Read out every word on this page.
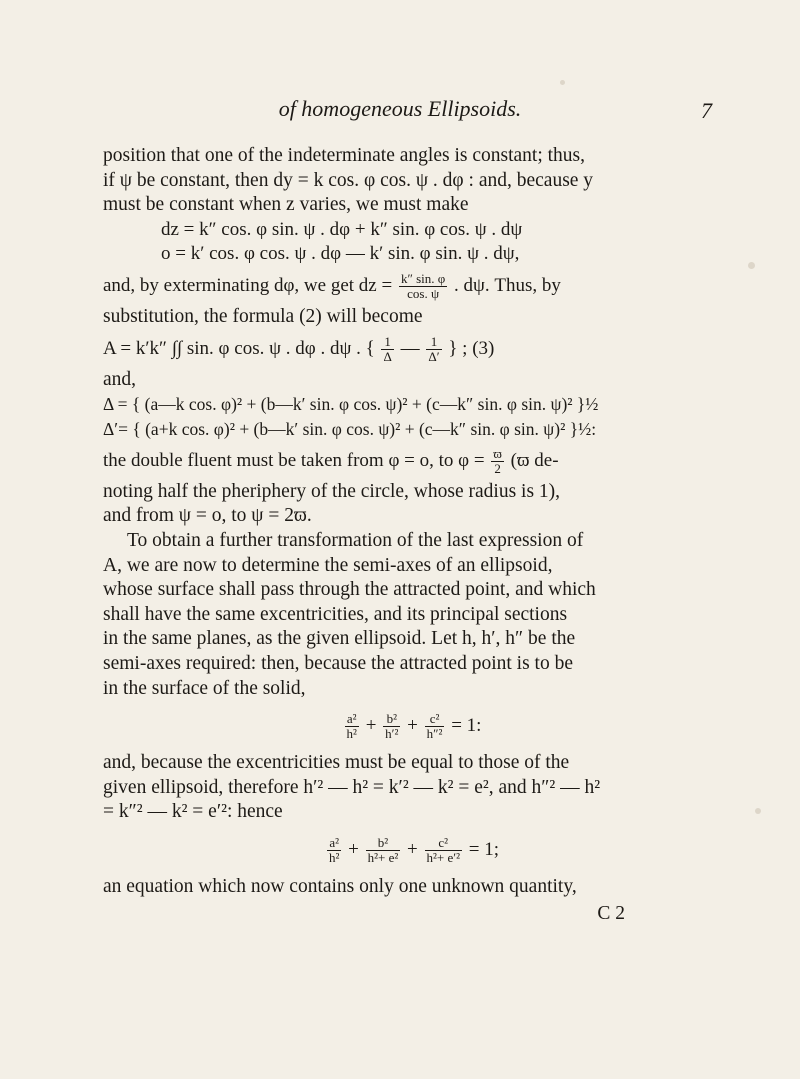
of homogeneous Ellipsoids.	7

position that one of the indeterminate angles is constant; thus,

if ψ be constant, then dy = k cos. φ cos. ψ . dφ : and, because y

must be constant when z varies, we must make

dz = k″ cos. φ sin. ψ . dφ + k″ sin. φ cos. ψ . dψ
o = k′ cos. φ cos. ψ . dφ — k′ sin. φ sin. ψ . dψ,
and, by exterminating dφ, we get dz = $\frac{k'' \sin. \varphi}{\cos. \psi}$ . dψ. Thus, by

substitution, the formula (2) will become

A = k′k″ ∫∫ sin. φ cos. ψ . dφ . dψ . { $\frac{1}{\Delta}$ — $\frac{1}{\Delta'}$ } ; (3)

and,

Δ = { (a—k cos. φ)² + (b—k′ sin. φ cos. ψ)² + (c—k″ sin. φ sin. ψ)² }½
Δ′= { (a+k cos. φ)² + (b—k′ sin. φ cos. ψ)² + (c—k″ sin. φ sin. ψ)² }½:
the double fluent must be taken from φ = o, to $\varphi = \frac{ϖ}{2} (ϖ$ de-

noting half the pheriphery of the circle, whose radius is 1),

and from ψ = o, to ψ = 2ϖ.

To obtain a further transformation of the last expression of

A, we are now to determine the semi-axes of an ellipsoid,

whose surface shall pass through the attracted point, and which

shall have the same excentricities, and its principal sections

in the same planes, as the given ellipsoid. Let h, h′, h″ be the

semi-axes required: then, because the attracted point is to be

in the surface of the solid,

$\frac{\text{a²}}{\text{h²}} + \frac{\text{b²}}{\text{h′²}} + \frac{\text{c²}}{\text{h″²}} = 1$:

and, because the excentricities must be equal to those of the

given ellipsoid, therefore h′² — h² = k′² — k² = e², and h″² — h²

= k″² — k² = e′²: hence

$\frac{\text{a²}}{\text{h²}} + \frac{\text{b²}}{\text{h²+ e²}} + \frac{\text{c²}}{\text{h²+ e′²}} = 1$;

an equation which now contains only one unknown quantity,

C 2
